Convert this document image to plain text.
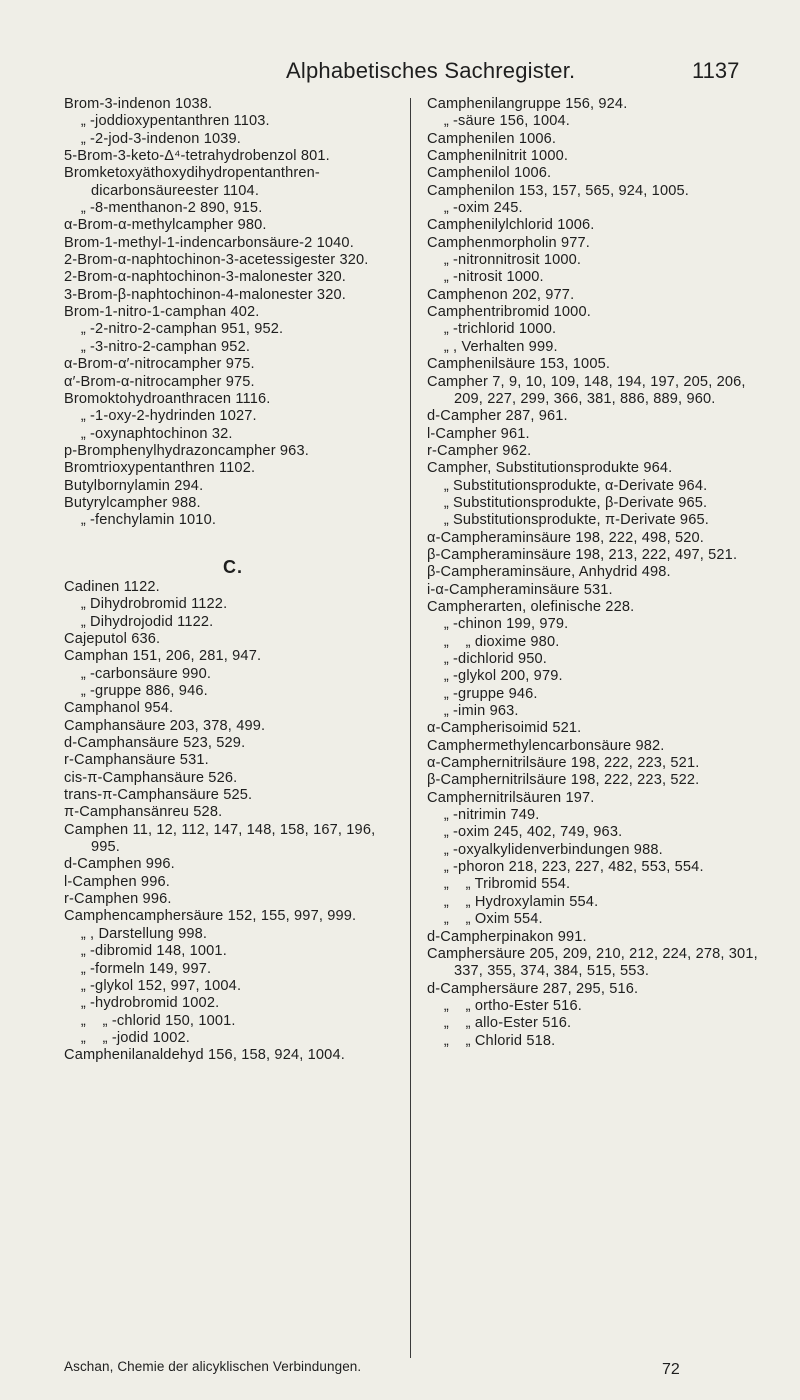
Alphabetisches Sachregister.	1137
Brom-3-indenon 1038.
„ -joddioxypentanthren 1103.
„ -2-jod-3-indenon 1039.
5-Brom-3-keto-Δ⁴-tetrahydrobenzol 801.
Bromketoxyäthoxydihydropentanthren-dicarbonsäureester 1104.
„ -8-menthanon-2 890, 915.
α-Brom-α-methylcampher 980.
Brom-1-methyl-1-indencarbonsäure-2 1040.
2-Brom-α-naphtochinon-3-acetessigester 320.
2-Brom-α-naphtochinon-3-malonester 320.
3-Brom-β-naphtochinon-4-malonester 320.
Brom-1-nitro-1-camphan 402.
„ -2-nitro-2-camphan 951, 952.
„ -3-nitro-2-camphan 952.
α-Brom-α′-nitrocampher 975.
α′-Brom-α-nitrocampher 975.
Bromoktohydroanthracen 1116.
„ -1-oxy-2-hydrinden 1027.
„ -oxynaphtochinon 32.
p-Bromphenylhydrazoncampher 963.
Bromtrioxypentanthren 1102.
Butylbornylamin 294.
Butyrylcampher 988.
„ -fenchylamin 1010.
C.
Cadinen 1122.
„ Dihydrobromid 1122.
„ Dihydrojodid 1122.
Cajeputol 636.
Camphan 151, 206, 281, 947.
„ -carbonsäure 990.
„ -gruppe 886, 946.
Camphanol 954.
Camphansäure 203, 378, 499.
d-Camphansäure 523, 529.
r-Camphansäure 531.
cis-π-Camphansäure 526.
trans-π-Camphansäure 525.
π-Camphansänreu 528.
Camphen 11, 12, 112, 147, 148, 158, 167, 196, 995.
d-Camphen 996.
l-Camphen 996.
r-Camphen 996.
Camphencamphersäure 152, 155, 997, 999.
„ , Darstellung 998.
„ -dibromid 148, 1001.
„ -formeln 149, 997.
„ -glykol 152, 997, 1004.
„ -hydrobromid 1002.
„    „ -chlorid 150, 1001.
„    „ -jodid 1002.
Camphenilanaldehyd 156, 158, 924, 1004.
Camphenilangruppe 156, 924.
„ -säure 156, 1004.
Camphenilen 1006.
Camphenilnitrit 1000.
Camphenilol 1006.
Camphenilon 153, 157, 565, 924, 1005.
„ -oxim 245.
Camphenilylchlorid 1006.
Camphenmorpholin 977.
„ -nitronnitrosit 1000.
„ -nitrosit 1000.
Camphenon 202, 977.
Camphentribromid 1000.
„ -trichlorid 1000.
„ , Verhalten 999.
Camphenilsäure 153, 1005.
Campher 7, 9, 10, 109, 148, 194, 197, 205, 206, 209, 227, 299, 366, 381, 886, 889, 960.
d-Campher 287, 961.
l-Campher 961.
r-Campher 962.
Campher, Substitutionsprodukte 964.
„ Substitutionsprodukte, α-Derivate 964.
„ Substitutionsprodukte, β-Derivate 965.
„ Substitutionsprodukte, π-Derivate 965.
α-Campheraminsäure 198, 222, 498, 520.
β-Campheraminsäure 198, 213, 222, 497, 521.
β-Campheraminsäure, Anhydrid 498.
i-α-Campheraminsäure 531.
Campherarten, olefinische 228.
„ -chinon 199, 979.
„    „ dioxime 980.
„ -dichlorid 950.
„ -glykol 200, 979.
„ -gruppe 946.
„ -imin 963.
α-Campherisoimid 521.
Camphermethylencarbonsäure 982.
α-Camphernitrilsäure 198, 222, 223, 521.
β-Camphernitrilsäure 198, 222, 223, 522.
Camphernitrilsäuren 197.
„ -nitrimin 749.
„ -oxim 245, 402, 749, 963.
„ -oxyalkylidenverbindungen 988.
„ -phoron 218, 223, 227, 482, 553, 554.
„    „ Tribromid 554.
„    „ Hydroxylamin 554.
„    „ Oxim 554.
d-Campherpinakon 991.
Camphersäure 205, 209, 210, 212, 224, 278, 301, 337, 355, 374, 384, 515, 553.
d-Camphersäure 287, 295, 516.
„    „ ortho-Ester 516.
„    „ allo-Ester 516.
„    „ Chlorid 518.
Aschan, Chemie der alicyklischen Verbindungen.	72
